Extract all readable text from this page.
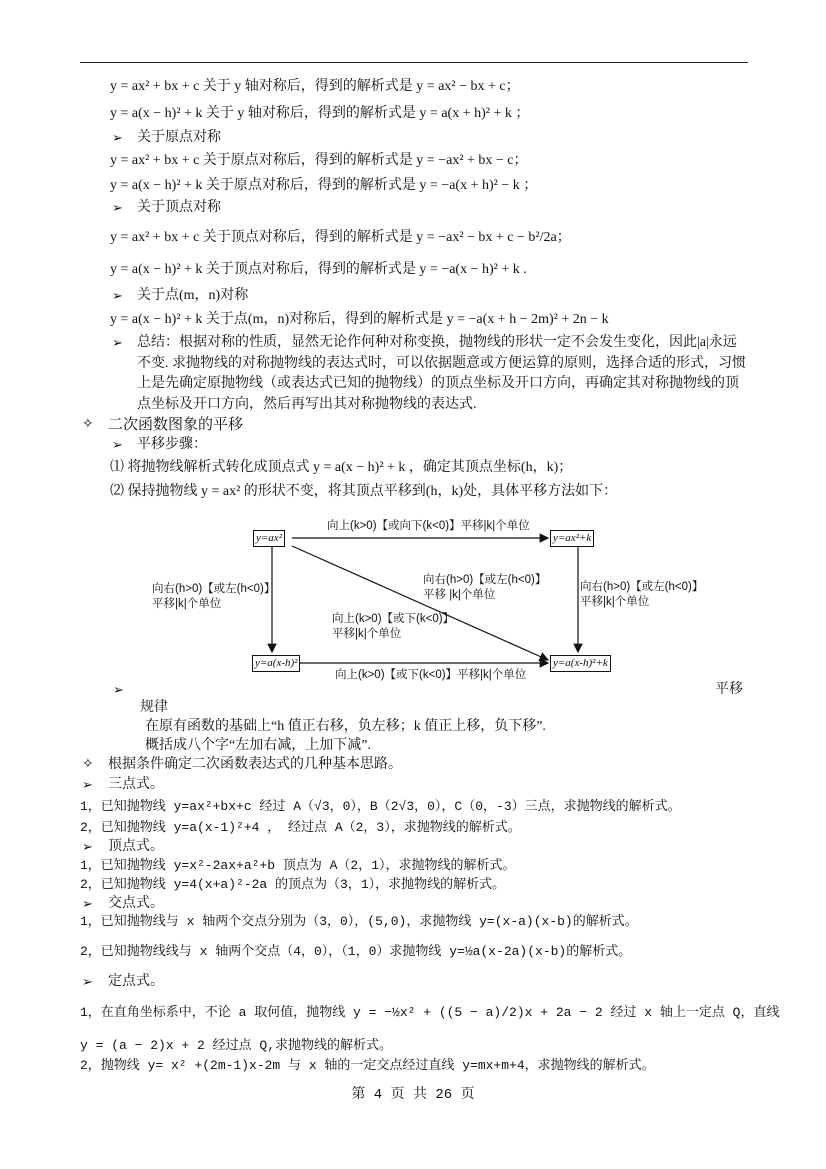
y = ax² + bx + c 关于 y 轴对称后，得到的解析式是 y = ax² − bx + c；
y = a(x − h)² + k 关于 y 轴对称后，得到的解析式是 y = a(x + h)² + k ；
➢ 关于原点对称
y = ax² + bx + c 关于原点对称后，得到的解析式是 y = −ax² + bx − c；
y = a(x − h)² + k 关于原点对称后，得到的解析式是 y = −a(x + h)² − k ；
➢ 关于顶点对称
y = ax² + bx + c 关于顶点对称后，得到的解析式是 y = −ax² − bx + c − b²/2a；
y = a(x − h)² + k 关于顶点对称后，得到的解析式是 y = −a(x − h)² + k .
➢ 关于点(m，n)对称
y = a(x − h)² + k 关于点(m，n)对称后，得到的解析式是 y = −a(x + h − 2m)² + 2n − k
➢ 总结：根据对称的性质，显然无论作何种对称变换，抛物线的形状一定不会发生变化，因此|a|永远不变. 求抛物线的对称抛物线的表达式时，可以依据题意或方便运算的原则，选择合适的形式，习惯上是先确定原抛物线（或表达式已知的抛物线）的顶点坐标及开口方向，再确定其对称抛物线的顶点坐标及开口方向，然后再写出其对称抛物线的表达式.
✧ 二次函数图象的平移
➢ 平移步骤：
⑴ 将抛物线解析式转化成顶点式 y = a(x − h)² + k ，确定其顶点坐标(h，k)；
⑵ 保持抛物线 y = ax² 的形状不变，将其顶点平移到(h，k)处，具体平移方法如下：
y=ax²	y=ax²+k
y=a(x-h)²	y=a(x-h)²+k
向上(k>0)【或向下(k<0)】平移|k|个单位
向右(h>0)【或左(h<0)】
平移|k|个单位
向右(h>0)【或左(h<0)】
平移|k|个单位
向右(h>0)【或左(h<0)】
平移 |k|个单位
向上(k>0)【或下(k<0)】
平移|k|个单位
向上(k>0)【或下(k<0)】平移|k|个单位
➢	平移
规律
在原有函数的基础上“h 值正右移，负左移；k 值正上移，负下移”.
概括成八个字“左加右减，上加下减”.
✧ 根据条件确定二次函数表达式的几种基本思路。
➢ 三点式。
1，已知抛物线 y=ax²+bx+c 经过 A（√3，0），B（2√3，0），C（0，-3）三点，求抛物线的解析式。
2，已知抛物线 y=a(x-1)²+4 ， 经过点 A（2，3），求抛物线的解析式。
➢ 顶点式。
1，已知抛物线 y=x²-2ax+a²+b 顶点为 A（2，1），求抛物线的解析式。
2，已知抛物线 y=4(x+a)²-2a 的顶点为（3，1），求抛物线的解析式。
➢ 交点式。
1，已知抛物线与 x 轴两个交点分别为（3，0），(5,0)，求抛物线 y=(x-a)(x-b)的解析式。
2，已知抛物线线与 x 轴两个交点（4，0），（1，0）求抛物线 y=½a(x-2a)(x-b)的解析式。
➢ 定点式。
1，在直角坐标系中，不论 a 取何值，抛物线 y = −½x² + ((5 − a)/2)x + 2a − 2 经过 x 轴上一定点 Q，直线
y = (a − 2)x + 2 经过点 Q,求抛物线的解析式。
2，抛物线 y= x² +(2m-1)x-2m 与 x 轴的一定交点经过直线 y=mx+m+4，求抛物线的解析式。
第 4 页 共 26 页
